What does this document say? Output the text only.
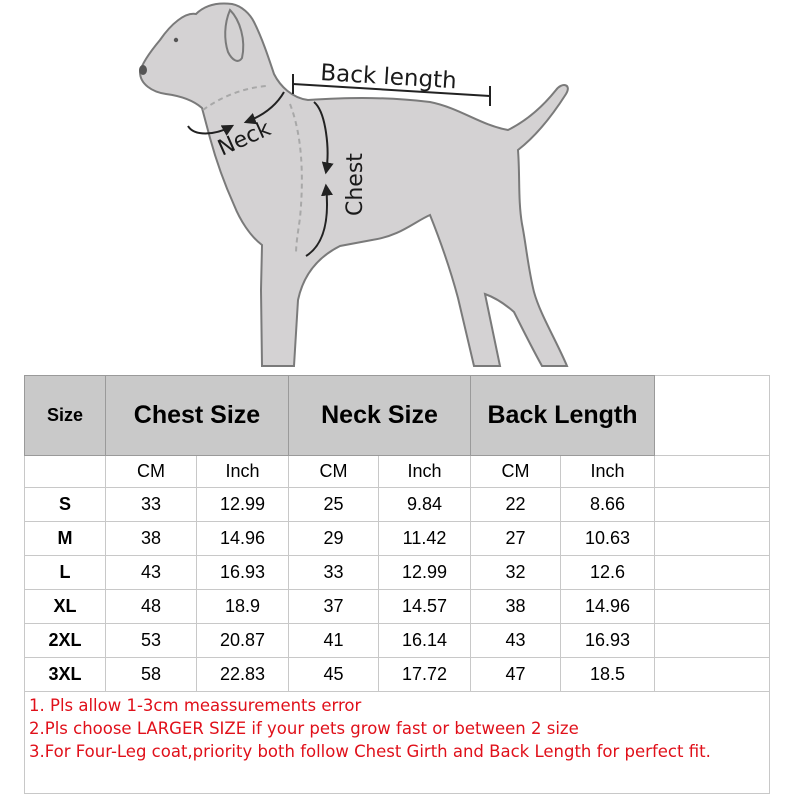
Back length
Neck
Chest
Size	Chest Size		Neck Size		Back Length		
	CM	Inch	CM	Inch	CM	Inch	
S	33	12.99	25	9.84	22	8.66	
M	38	14.96	29	11.42	27	10.63	
L	43	16.93	33	12.99	32	12.6	
XL	48	18.9	37	14.57	38	14.96	
2XL	53	20.87	41	16.14	43	16.93	
3XL	58	22.83	45	17.72	47	18.5	

1. Pls allow 1-3cm meassurements error
2.Pls choose LARGER SIZE if your pets grow fast or between 2 size
3.For Four-Leg coat,priority both follow Chest Girth and Back Length for perfect fit.							
